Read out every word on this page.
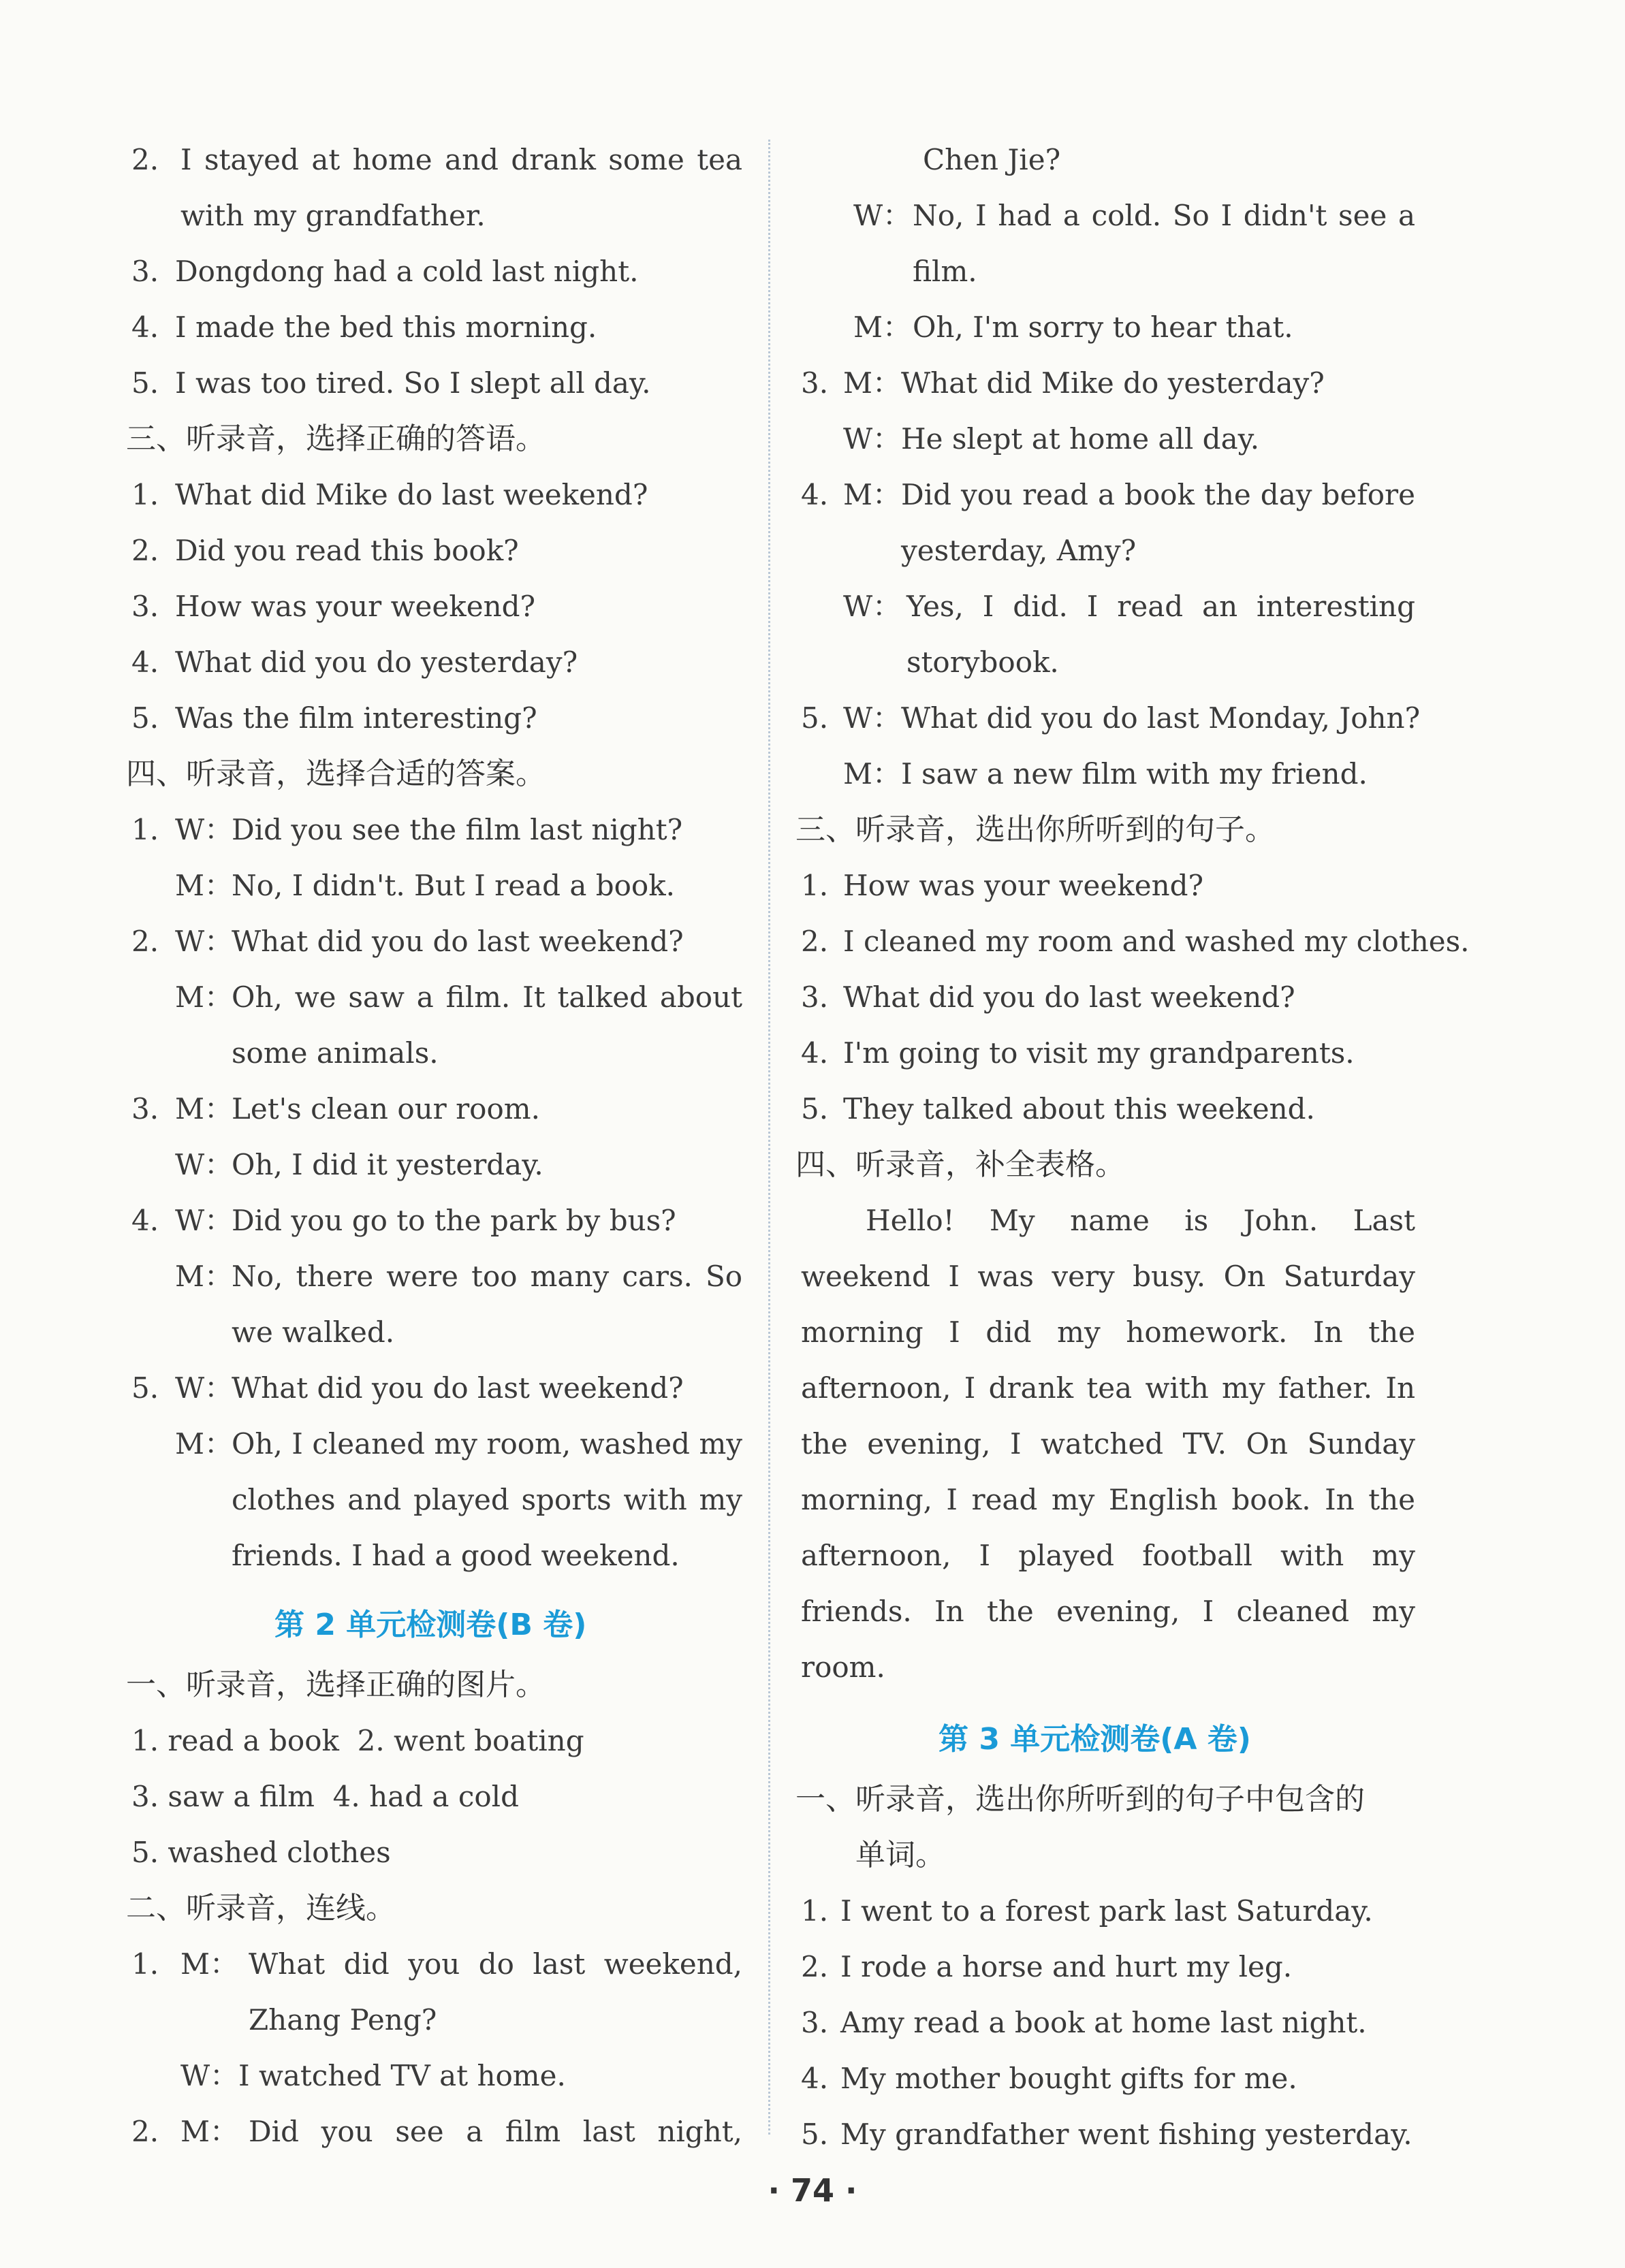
2. I stayed at home and drank some tea
with my grandfather.
3. Dongdong had a cold last night.
4. I made the bed this morning.
5. I was too tired. So I slept all day.
三、听录音，选择正确的答语。
1. What did Mike do last weekend?
2. Did you read this book?
3. How was your weekend?
4. What did you do yesterday?
5. Was the film interesting?
四、听录音，选择合适的答案。
1. W：
Did you see the film last night?
M：
No, I didn't. But I read a book.
2. W：
What did you do last weekend?
M：
Oh, we saw a film. It talked about
some animals.
3. M：
Let's clean our room.
W：
Oh, I did it yesterday.
4. W：
Did you go to the park by bus?
M：
No, there were too many cars. So
we walked.
5. W：
What did you do last weekend?
M：
Oh, I cleaned my room, washed my
clothes and played sports with my
friends. I had a good weekend.
第 2 单元检测卷(B 卷)
一、听录音，选择正确的图片。
1. read a book  2. went boating
3. saw a film  4. had a cold
5. washed clothes
二、听录音，连线。
1. M： What did you do last weekend,
Zhang Peng?
W： I watched TV at home.
2. M： Did you see a film last night,
Chen Jie?
W： No, I had a cold. So I didn't see a
film.
M： Oh, I'm sorry to hear that.
3. M： What did Mike do yesterday?
W： He slept at home all day.
4. M： Did you read a book the day before
yesterday, Amy?
W： Yes, I did. I read an interesting
storybook.
5. W： What did you do last Monday, John?
M： I saw a new film with my friend.
三、听录音，选出你所听到的句子。
1. How was your weekend?
2. I cleaned my room and washed my clothes.
3. What did you do last weekend?
4. I'm going to visit my grandparents.
5. They talked about this weekend.
四、听录音，补全表格。
Hello! My name is John. Last
weekend I was very busy. On Saturday
morning I did my homework. In the
afternoon, I drank tea with my father. In
the evening, I watched TV. On Sunday
morning, I read my English book. In the
afternoon, I played football with my
friends. In the evening, I cleaned my
room.
第 3 单元检测卷(A 卷)
一、听录音，选出你所听到的句子中包含的
单词。
1. I went to a forest park last Saturday.
2. I rode a horse and hurt my leg.
3. Amy read a book at home last night.
4. My mother bought gifts for me.
5. My grandfather went fishing yesterday.
· 74 ·
